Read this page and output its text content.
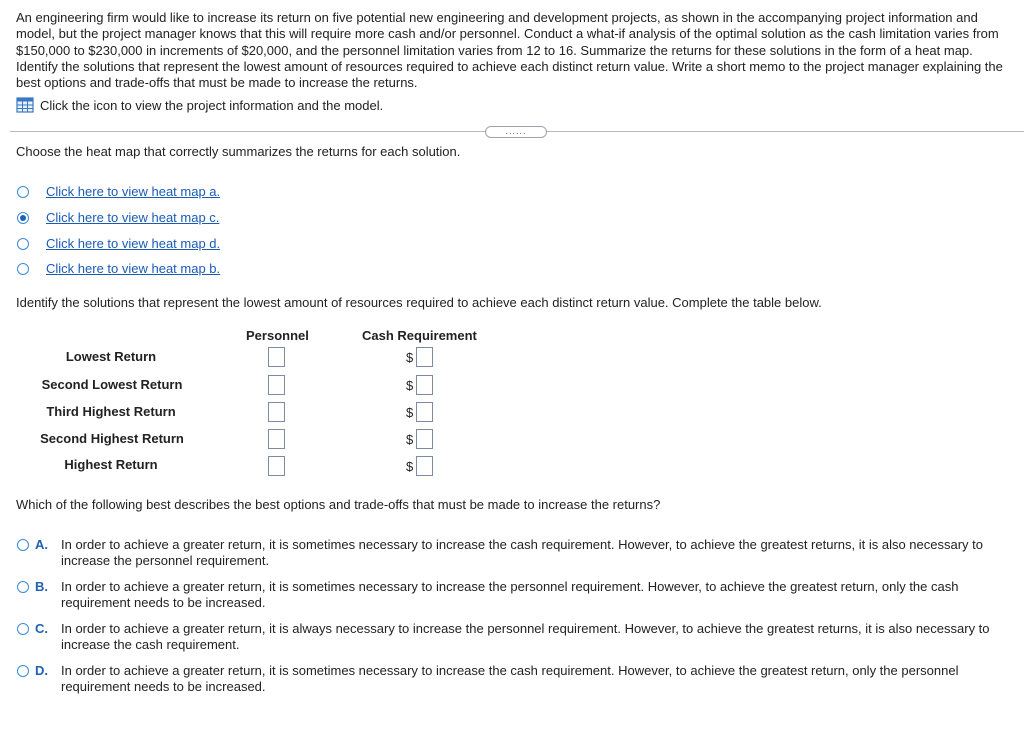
An engineering firm would like to increase its return on five potential new engineering and development projects, as shown in the accompanying project information and model, but the project manager knows that this will require more cash and/or personnel. Conduct a what-if analysis of the optimal solution as the cash limitation varies from $150,000 to $230,000 in increments of $20,000, and the personnel limitation varies from 12 to 16. Summarize the returns for these solutions in the form of a heat map. Identify the solutions that represent the lowest amount of resources required to achieve each distinct return value. Write a short memo to the project manager explaining the best options and trade-offs that must be made to increase the returns.
Click the icon to view the project information and the model.
......
Choose the heat map that correctly summarizes the returns for each solution.
Click here to view heat map a.
Click here to view heat map c.
Click here to view heat map d.
Click here to view heat map b.
Identify the solutions that represent the lowest amount of resources required to achieve each distinct return value. Complete the table below.
Personnel	Cash Requirement
Lowest Return	$
Second Lowest Return	$
Third Highest Return	$
Second Highest Return	$
Highest Return	$
Which of the following best describes the best options and trade-offs that must be made to increase the returns?
A.	In order to achieve a greater return, it is sometimes necessary to increase the cash requirement. However, to achieve the greatest returns, it is also necessary to increase the personnel requirement.
B.	In order to achieve a greater return, it is sometimes necessary to increase the personnel requirement. However, to achieve the greatest return, only the cash requirement needs to be increased.
C.	In order to achieve a greater return, it is always necessary to increase the personnel requirement. However, to achieve the greatest returns, it is also necessary to increase the cash requirement.
D.	In order to achieve a greater return, it is sometimes necessary to increase the cash requirement. However, to achieve the greatest return, only the personnel requirement needs to be increased.
